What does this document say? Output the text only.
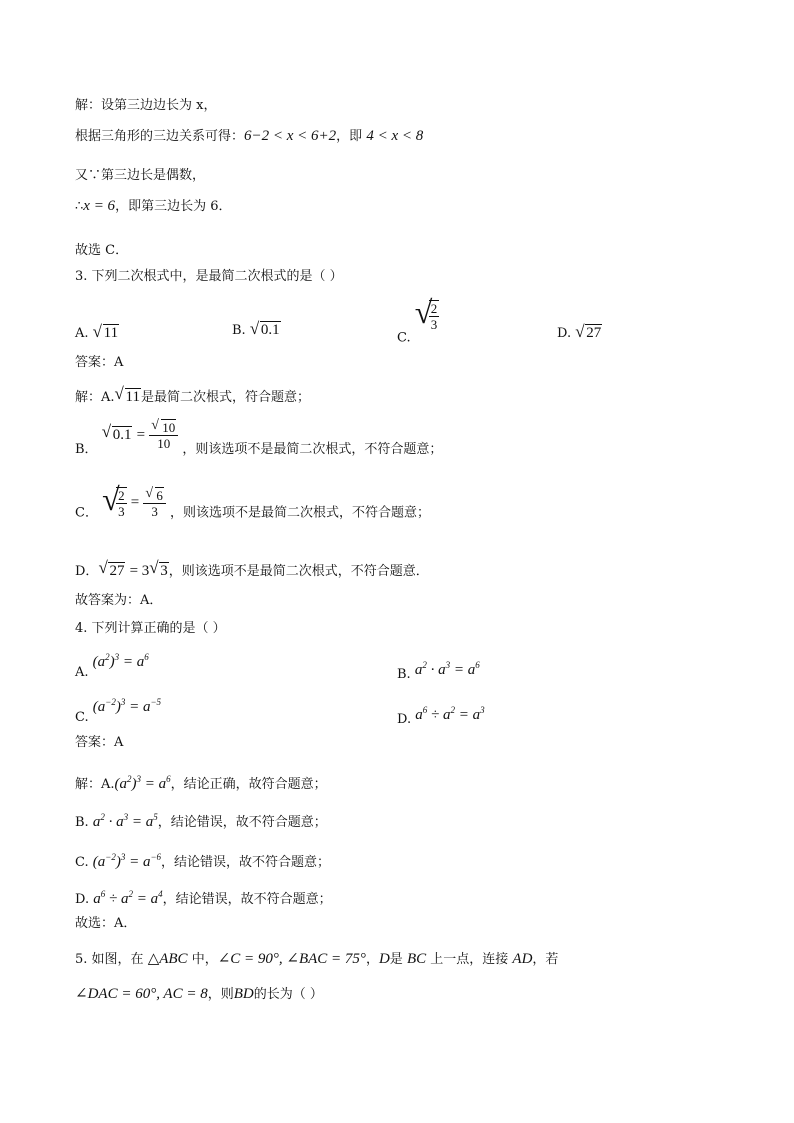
解：设第三边边长为 x，
根据三角形的三边关系可得：6−2 < x < 6+2，即 4 < x < 8
又∵第三边长是偶数，
∴x = 6，即第三边长为 6．
故选 C．
3. 下列二次根式中，是最简二次根式的是（ ）
A. √ 11	B. √ 0.1	C.
√
$\frac{2}{3}$
D. √ 27
答案：A
解：A. √ 11是最简二次根式，符合题意；
B．
√ $0.1 = \frac{√ 10}{10}$ ，则该选项不是最简二次根式，不符合题意；
C． √
$\frac{2}{3} = \frac{√ 6}{3}$ ，则该选项不是最简二次根式，不符合题意；
D． √ 27 = 3 √ 3，则该选项不是最简二次根式，不符合题意．
故答案为：A．
4. 下列计算正确的是（ ）
A. $(a^2)^3 = a^6$
B. $a^2 \cdot a^3 = a^6$
C. $(a^{-2})^3 = a^{-5}$
D. $a^6 \div a^2 = a^3$
答案：A
解：$A.(a^2)^3 = a^6$，结论正确，故符合题意；
B. $a^2 \cdot a^3 = a^5$，结论错误，故不符合题意；
C. $(a^{-2})^3 = a^{-6}$，结论错误，故不符合题意；
D. $a^6 \div a^2 = a^4$，结论错误，故不符合题意；
故选：A．
5. 如图，在 △ABC 中，∠C = 90°, ∠BAC = 75°，D是 BC 上一点，连接 AD，若
∠DAC = 60°, AC = 8，则BD的长为（ ）
